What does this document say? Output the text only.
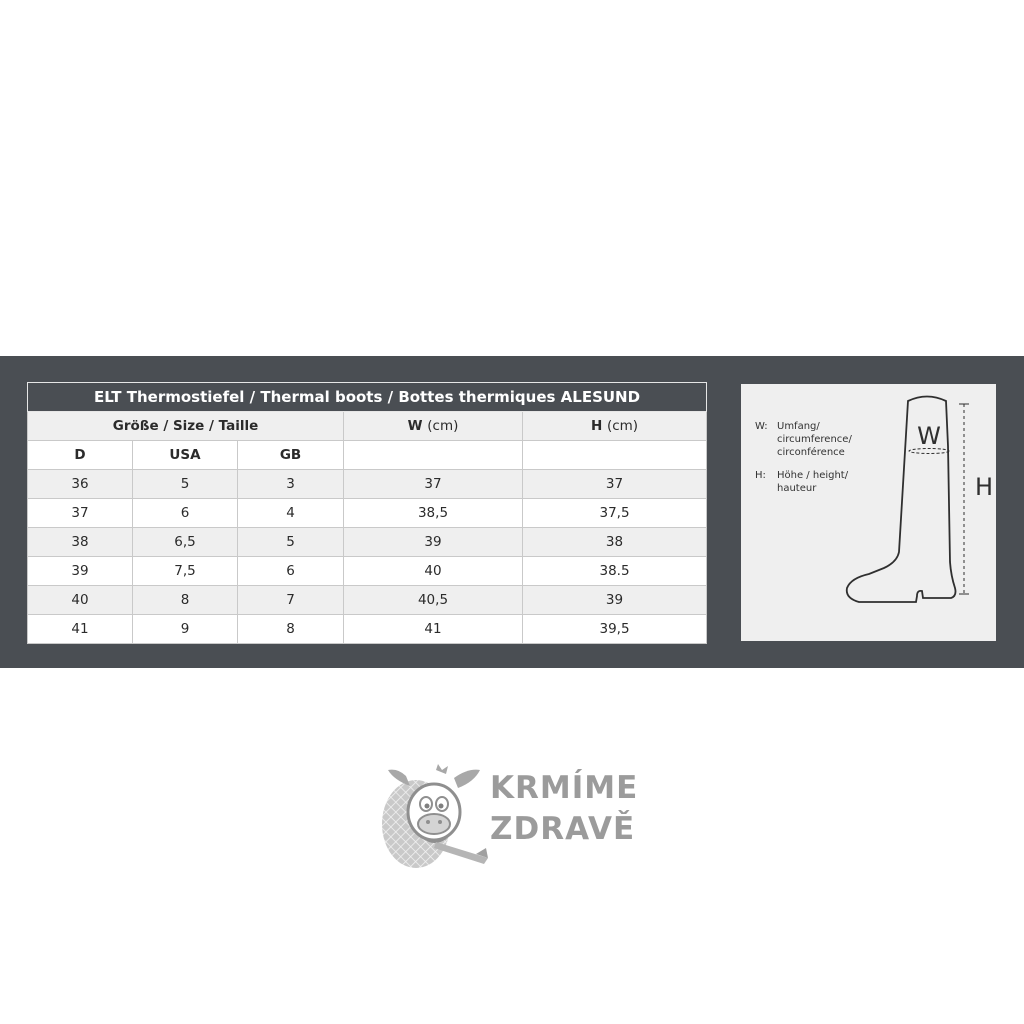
ELT Thermostiefel / Thermal boots / Bottes thermiques ALESUND				
Größe / Size / Taille			W (cm)	H (cm)
D	USA	GB		
36	5	3	37	37
37	6	4	38,5	37,5
38	6,5	5	39	38
39	7,5	6	40	38.5
40	8	7	40,5	39
41	9	8	41	39,5
W: Umfang/
circumference/
circonférence
H:	Höhe / height/
hauteur
W
H
KRMÍME
ZDRAVĚ
